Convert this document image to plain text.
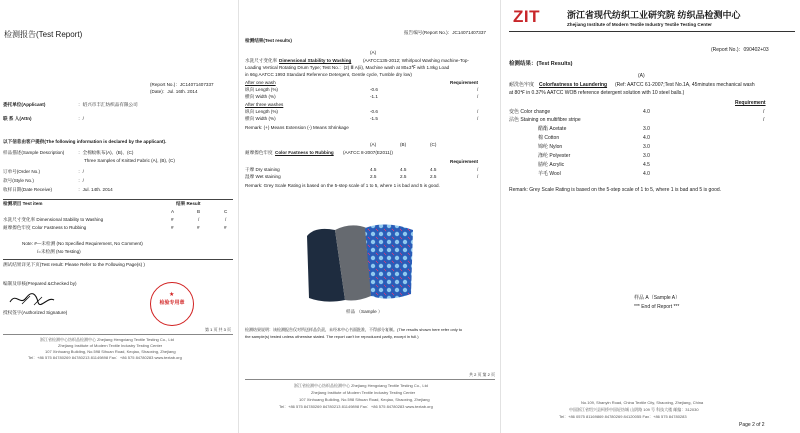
检测报告(Test Report)
(Report No.)：JC14071407337
(Date)：Jul. 16th. 2014
委托单位(Applicant)	：绍兴市丰汇纺织品有限公司
联 系 人(Attn)	：/
以下信息由客户提供(The following information is declared by the applicant).
样品描述(Sample Description)	：全棉蚊帐布(A)、(B)、(C)
Three Samples of Knitted Fabric (A), (B), (C)
订单号(Order No.)	：/
款号(Style No.)	：/
收样日期(Date Receive)	：Jul. 14th. 2014
检测项目 Test item	结果 Result
A	B	C
水洗尺寸变化率 Dimensional Stability to Washing	#	/	/
耐摩擦色牢度 Color Fastness to Rubbing	#	#	#
Note: #—未检测 (No Specified Requirement, No Comment)
/=未检测 (No Testing)
测试结果详见下页(Test result: Please Refer to the Following Page(s) )
编制及审核(Prepared &Checked by)
授权签字(Authorized Signature)
检验专用章
★
第 1 页 共 3 页
浙江省检测中心纺织品检测中心 Zhejiang Hengxiang Textile Testing Co., Ltd
Zhejiang Institute of Modern Textile Industry Testing Center
107 Xinhuang Building, No.598 Sihuan Road, Keqiao, Shaoxing, Zhejiang
Tel：+86 575 84780269 84780213 81149898 Fax：+86 575 84780283 www.textab.org
报告编号(Report No.)：JC14071407337
检测结果(Test results)
(A)
水洗尺寸变化率 Dimensional Stability to Washing	(AATCC135-2012; Whirlpool Washing machine-Top-
Loading Vertical Rotating Drum Type; Test No.：(2) Ⅲ A(ii), Machine wash at 80±3℉ with 1.8kg Load
in 66g AATCC 1993 Standard Reference Detergent, Gentle cycle, Tumble dry low)
Requirement
After one wash
纵向 Length (%)	-0.6	/
横向 Width (%)	-1.1	/
After three washes
纵向 Length (%)	-0.6	/
横向 Width (%)	-1.5	/
Remark: (+) Means Extension (-) Means Shrinkage
(A)	(B)	(C)
耐摩擦色牢度 Color Fastness to Rubbing (AATCC 8-2007(E2011))
Requirement
干摩 Dry staining	4.5	4.5	4.5	/
湿摩 Wet staining	2.5	2.5	2.5	/
Remark: Grey Scale Rating is based on the 5-step scale of 1 to 5, where 1 is bad and 5 is good.
样品 （Sample ）
检测结果说明：该检测报告仅对所送样品负责，未经本中心书面批准，不得部分复制。(The results shown here refer only to
the sample(s) tested unless otherwise stated. The report can't be reproduced partly, except in full.)
共 2 页 第 2 页
浙江省检测中心纺织品检测中心 Zhejiang Hengxiang Textile Testing Co., Ltd
Zhejiang Institute of Modern Textile Industry Testing Center
107 Xinhuang Building, No.598 Sihuan Road, Keqiao, Shaoxing, Zhejiang
Tel：+86 575 84780269 84780213 81149898 Fax：+86 575 84780283 www.textab.org
ZIT	浙江省现代纺织工业研究院 纺织品检测中心
Zhejiang Institute of Modern Textile Industry Textile Testing Center
(Report No.)：090402+03
检测结果：(Test Results)
(A)
耐洗色牢度 Colorfastness to Laundering (Ref: AATCC 61-2007;Test No.1A, 45minutes mechanical wash
at 80℉ in 0.37% AATCC WOB reference detergent solution with 10 steel balls.)
Requirement
变色 Color change	4.0	/
沾色 Staining on multifibre stripe	/
醋酯 Acetate	3.0
棉 Cotton	4.0
锦纶 Nylon	3.0
涤纶 Polyester	3.0
腈纶 Acrylic	4.5
羊毛 Wool	4.0
Remark: Grey Scale Rating is based on the 5-step scale of 1 to 5, where 1 is bad and 5 is good.
样品 A（Sample A）
*** End of Report ***
No.109, Shanyin Road, China Textile City, Shaoxing, Zhejiang, China
中国浙江省绍兴县柯桥中国轻纺城 山阴路 109 号 科技大楼 邮编：312030
Tel：+86 0575 81169869 84780269 84120055 Fax：+86 575 84780283
Page 2 of 2
